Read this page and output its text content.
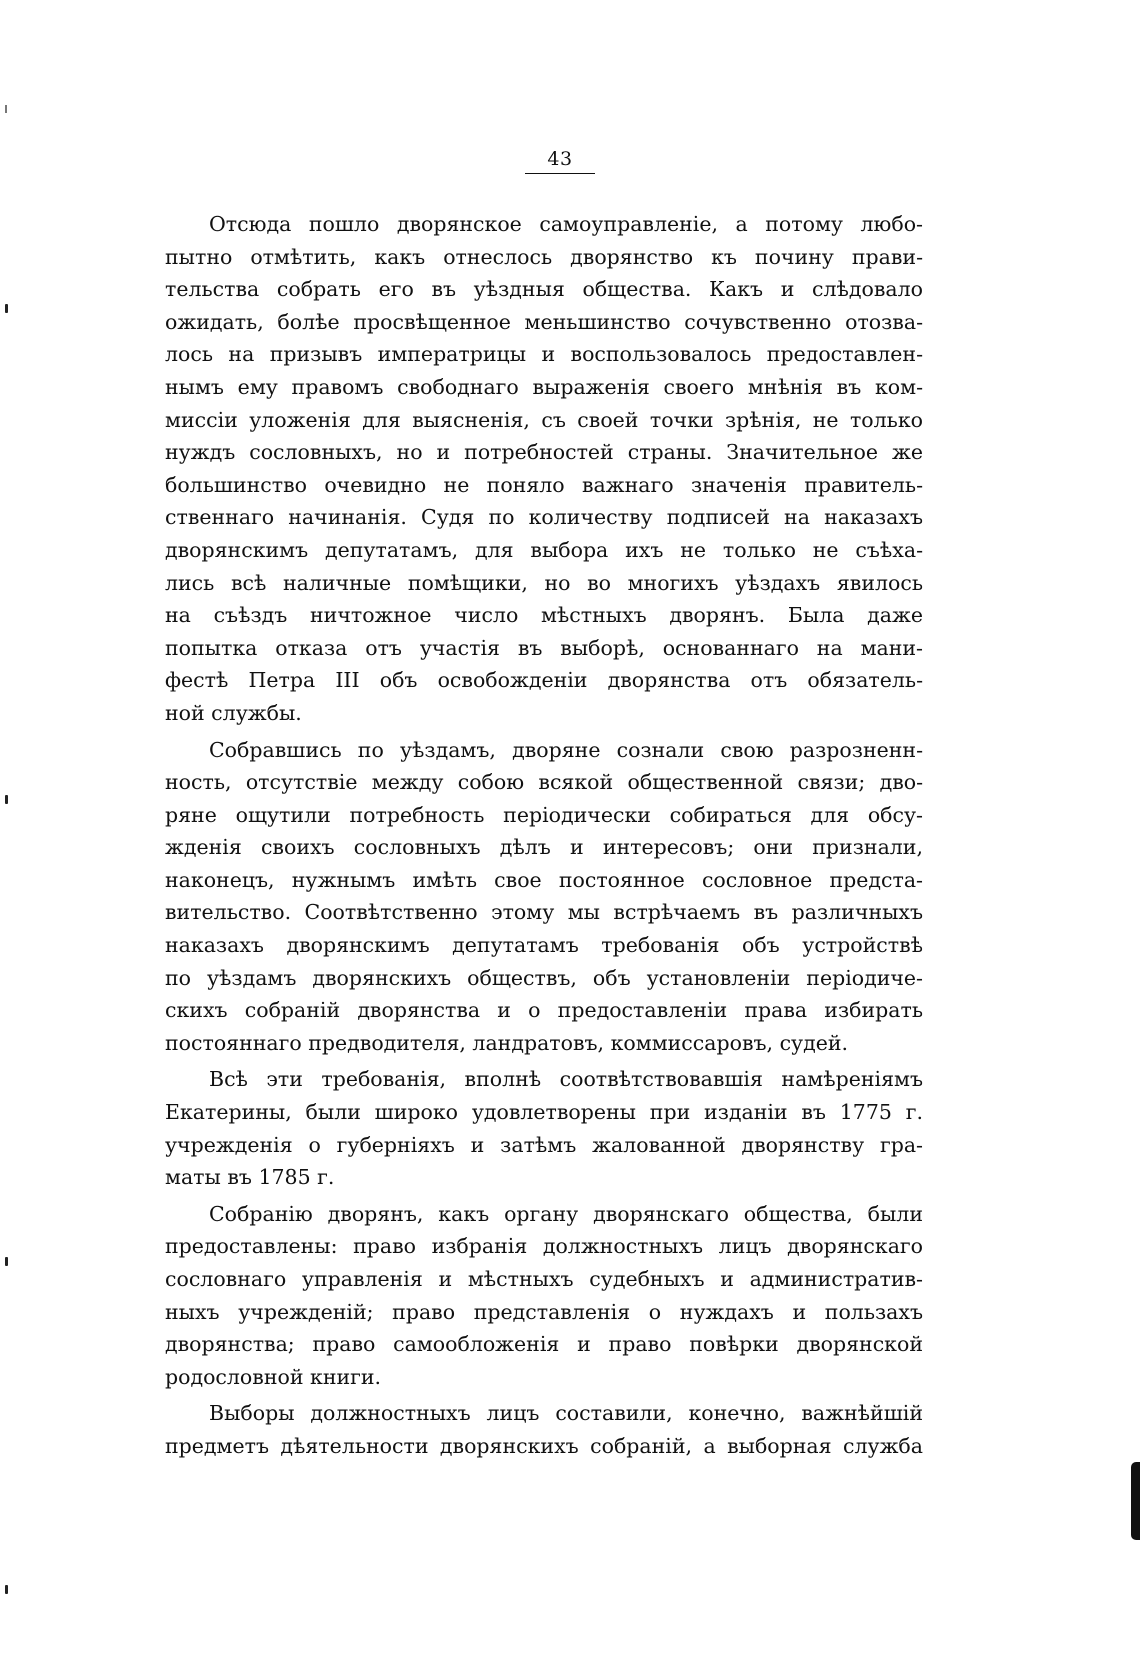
43
Отсюда пошло дворянское самоуправленіе, а потому любо-
пытно отмѣтить, какъ отнеслось дворянство къ почину прави-
тельства собрать его въ уѣздныя общества. Какъ и слѣдовало
ожидать, болѣе просвѣщенное меньшинство сочувственно отозва-
лось на призывъ императрицы и воспользовалось предоставлен-
нымъ ему правомъ свободнаго выраженія своего мнѣнія въ ком-
миссіи уложенія для выясненія, съ своей точки зрѣнія, не только
нуждъ сословныхъ, но и потребностей страны. Значительное же
большинство очевидно не поняло важнаго значенія правитель-
ственнаго начинанія. Судя по количеству подписей на наказахъ
дворянскимъ депутатамъ, для выбора ихъ не только не съѣха-
лись всѣ наличные помѣщики, но во многихъ уѣздахъ явилось
на съѣздъ ничтожное число мѣстныхъ дворянъ. Была даже
попытка отказа отъ участія въ выборѣ, основаннаго на мани-
фестѣ Петра III объ освобожденіи дворянства отъ обязатель-
ной службы.
Собравшись по уѣздамъ, дворяне сознали свою разрозненн-
ность, отсутствіе между собою всякой общественной связи; дво-
ряне ощутили потребность періодически собираться для обсу-
жденія своихъ сословныхъ дѣлъ и интересовъ; они признали,
наконецъ, нужнымъ имѣть свое постоянное сословное предста-
вительство. Соотвѣтственно этому мы встрѣчаемъ въ различныхъ
наказахъ дворянскимъ депутатамъ требованія объ устройствѣ
по уѣздамъ дворянскихъ обществъ, объ установленіи періодиче-
скихъ собраній дворянства и о предоставленіи права избирать
постояннаго предводителя, ландратовъ, коммиссаровъ, судей.
Всѣ эти требованія, вполнѣ соотвѣтствовавшія намѣреніямъ
Екатерины, были широко удовлетворены при изданіи въ 1775 г.
учрежденія о губерніяхъ и затѣмъ жалованной дворянству гра-
маты въ 1785 г.
Собранію дворянъ, какъ органу дворянскаго общества, были
предоставлены: право избранія должностныхъ лицъ дворянскаго
сословнаго управленія и мѣстныхъ судебныхъ и административ-
ныхъ учрежденій; право представленія о нуждахъ и пользахъ
дворянства; право самообложенія и право повѣрки дворянской
родословной книги.
Выборы должностныхъ лицъ составили, конечно, важнѣйшій
предметъ дѣятельности дворянскихъ собраній, а выборная служба
